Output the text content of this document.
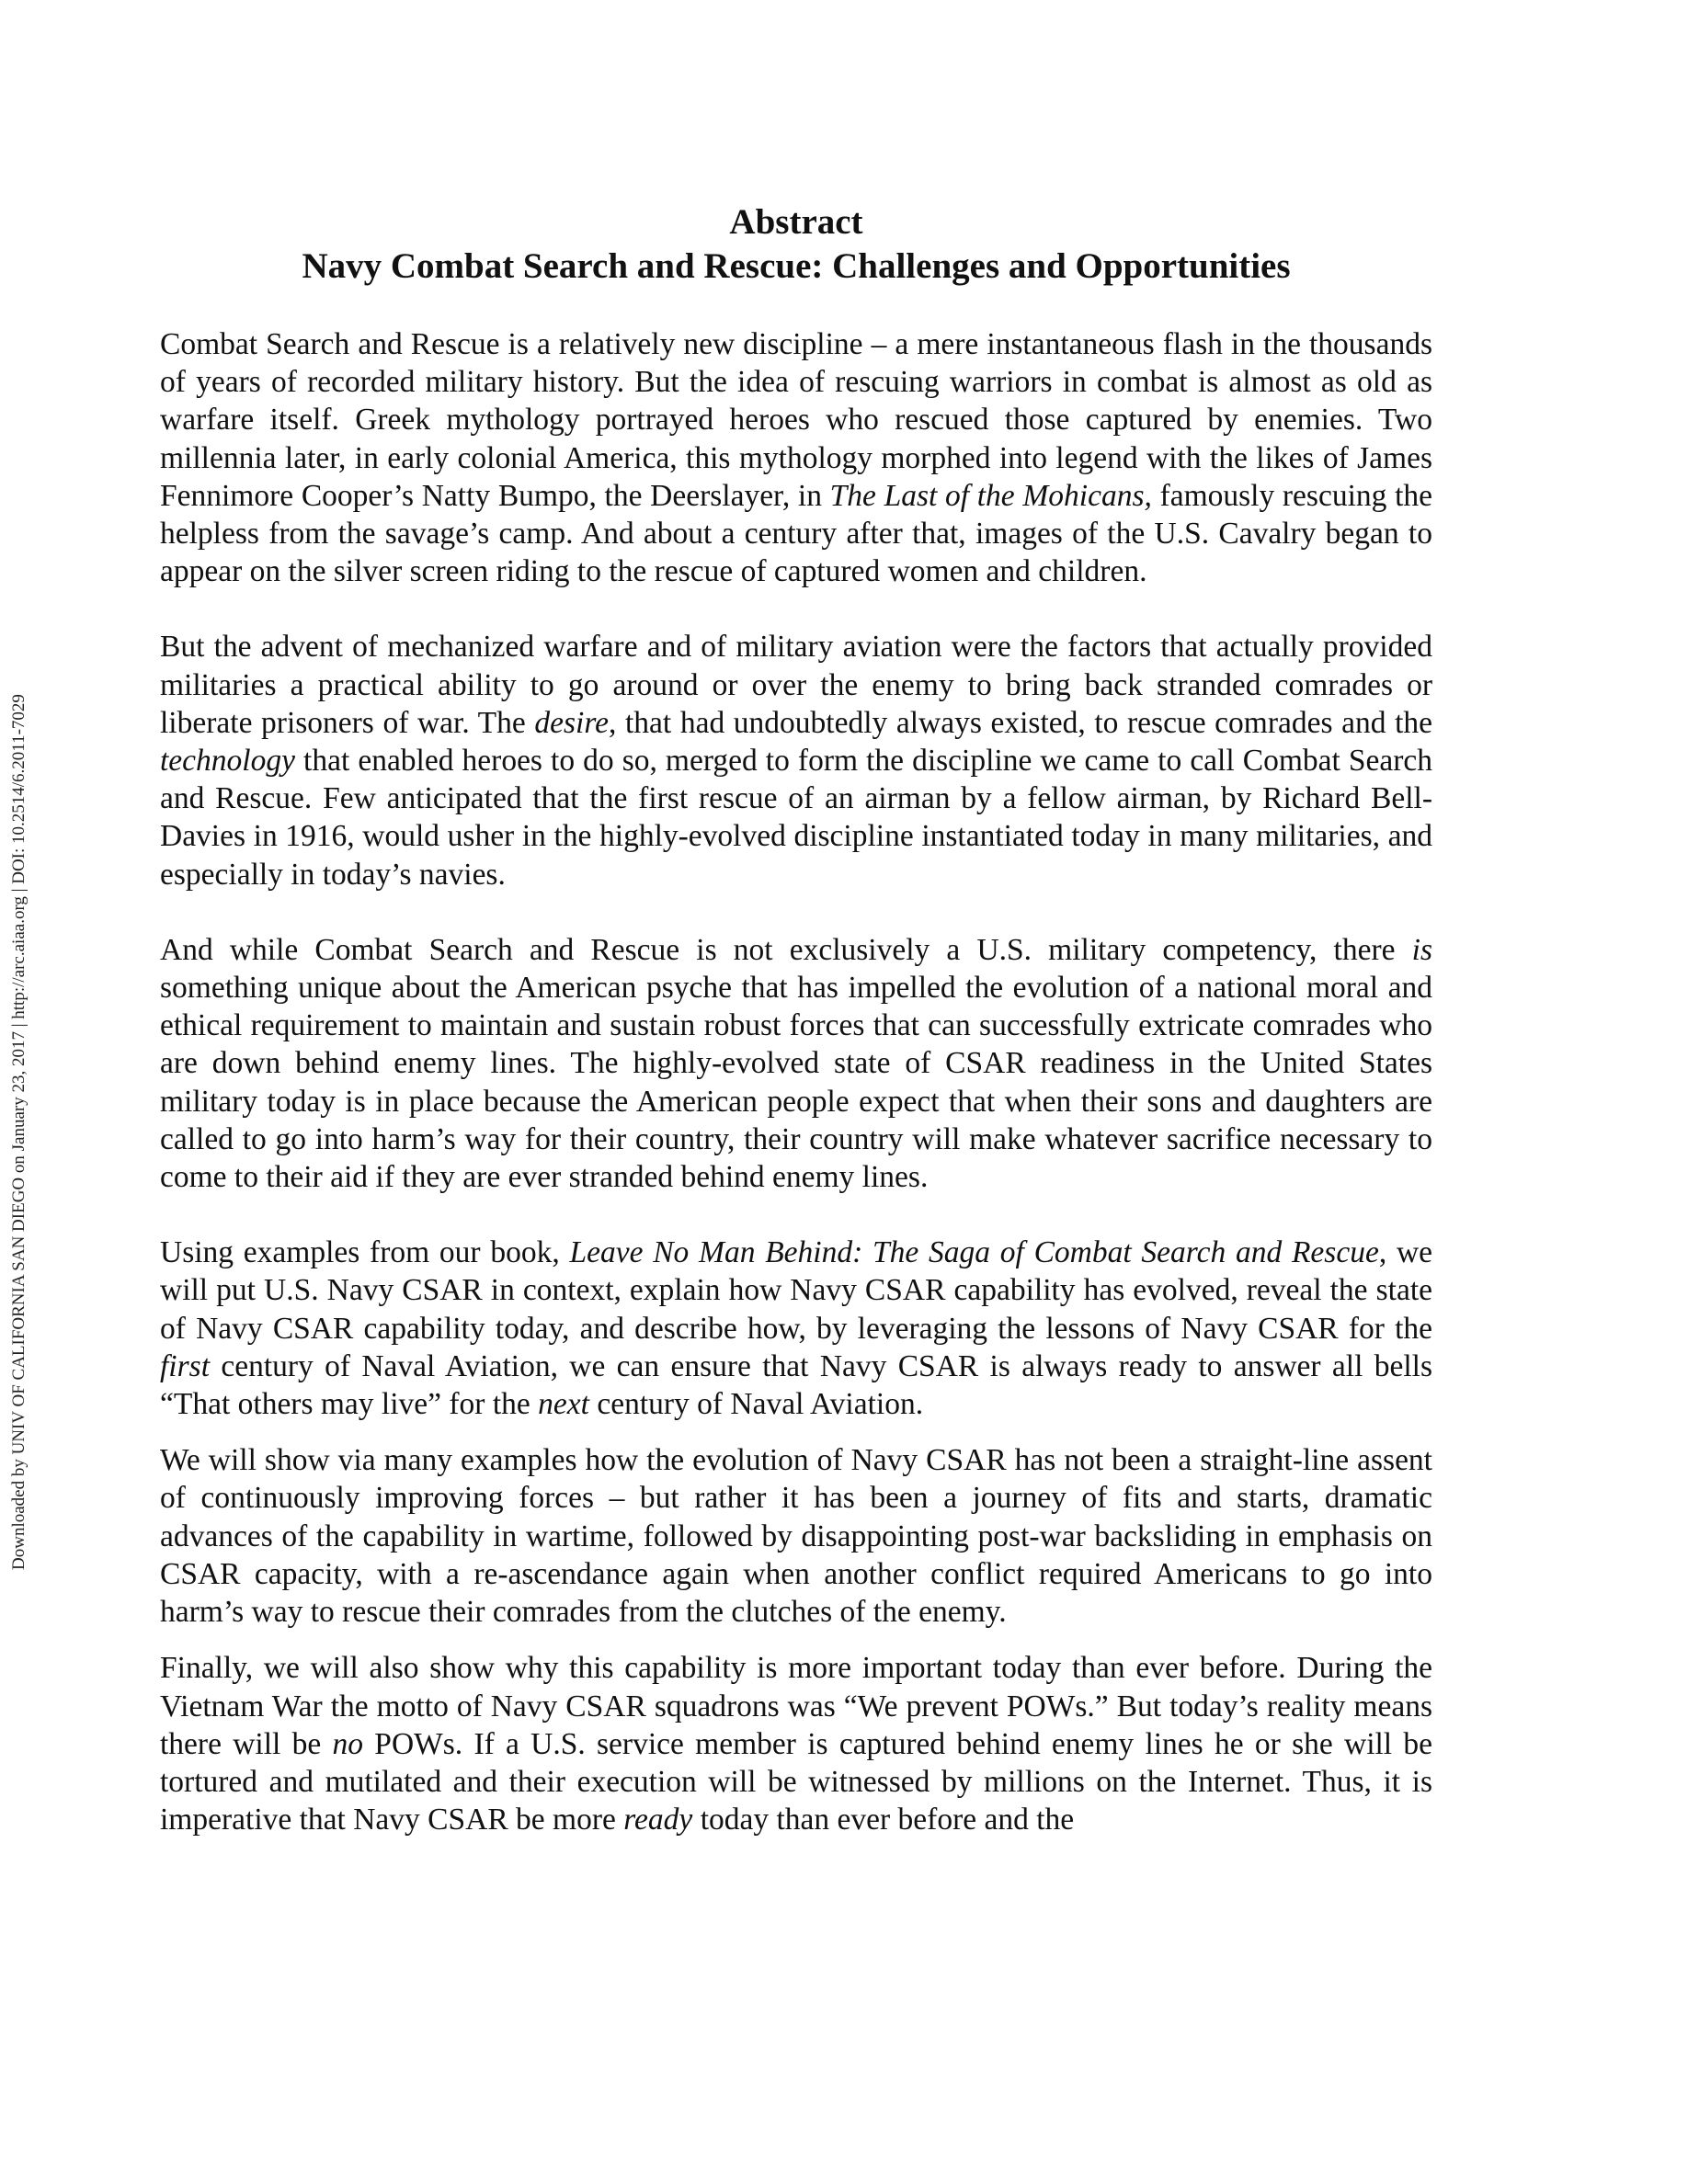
Downloaded by UNIV OF CALIFORNIA SAN DIEGO on January 23, 2017 | http://arc.aiaa.org | DOI: 10.2514/6.2011-7029
Abstract
Navy Combat Search and Rescue: Challenges and Opportunities
Combat Search and Rescue is a relatively new discipline – a mere instantaneous flash in the thousands of years of recorded military history. But the idea of rescuing warriors in combat is almost as old as warfare itself. Greek mythology portrayed heroes who rescued those captured by enemies. Two millennia later, in early colonial America, this mythology morphed into legend with the likes of James Fennimore Cooper’s Natty Bumpo, the Deerslayer, in The Last of the Mohicans, famously rescuing the helpless from the savage’s camp. And about a century after that, images of the U.S. Cavalry began to appear on the silver screen riding to the rescue of captured women and children.
But the advent of mechanized warfare and of military aviation were the factors that actually provided militaries a practical ability to go around or over the enemy to bring back stranded comrades or liberate prisoners of war. The desire, that had undoubtedly always existed, to rescue comrades and the technology that enabled heroes to do so, merged to form the discipline we came to call Combat Search and Rescue. Few anticipated that the first rescue of an airman by a fellow airman, by Richard Bell-Davies in 1916, would usher in the highly-evolved discipline instantiated today in many militaries, and especially in today’s navies.
And while Combat Search and Rescue is not exclusively a U.S. military competency, there is something unique about the American psyche that has impelled the evolution of a national moral and ethical requirement to maintain and sustain robust forces that can successfully extricate comrades who are down behind enemy lines. The highly-evolved state of CSAR readiness in the United States military today is in place because the American people expect that when their sons and daughters are called to go into harm’s way for their country, their country will make whatever sacrifice necessary to come to their aid if they are ever stranded behind enemy lines.
Using examples from our book, Leave No Man Behind: The Saga of Combat Search and Rescue, we will put U.S. Navy CSAR in context, explain how Navy CSAR capability has evolved, reveal the state of Navy CSAR capability today, and describe how, by leveraging the lessons of Navy CSAR for the first century of Naval Aviation, we can ensure that Navy CSAR is always ready to answer all bells “That others may live” for the next century of Naval Aviation.
We will show via many examples how the evolution of Navy CSAR has not been a straight-line assent of continuously improving forces – but rather it has been a journey of fits and starts, dramatic advances of the capability in wartime, followed by disappointing post-war backsliding in emphasis on CSAR capacity, with a re-ascendance again when another conflict required Americans to go into harm’s way to rescue their comrades from the clutches of the enemy.
Finally, we will also show why this capability is more important today than ever before. During the Vietnam War the motto of Navy CSAR squadrons was “We prevent POWs.” But today’s reality means there will be no POWs. If a U.S. service member is captured behind enemy lines he or she will be tortured and mutilated and their execution will be witnessed by millions on the Internet. Thus, it is imperative that Navy CSAR be more ready today than ever before and the
